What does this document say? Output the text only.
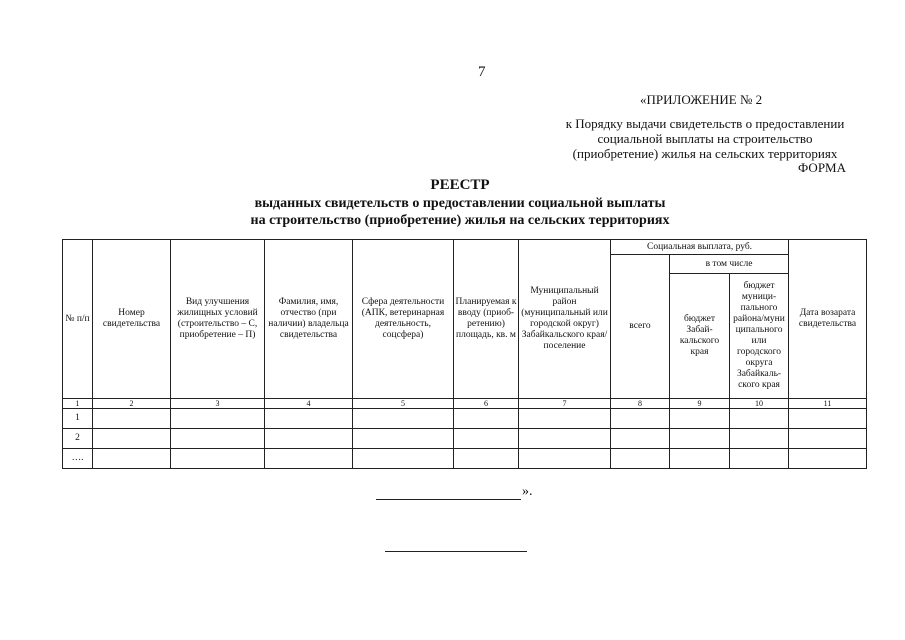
7
«ПРИЛОЖЕНИЕ № 2
к Порядку выдачи свидетельств о предоставлении
социальной выплаты на строительство
(приобретение) жилья на сельских территориях
ФОРМА
РЕЕСТР
выданных свидетельств о предоставлении социальной выплаты
на строительство (приобретение) жилья на сельских территориях
№ п/п	Номер свидетельства	Вид улучшения жилищных условий (строительство – С, приобретение – П)	Фамилия, имя, отчество (при наличии) владельца свидетельства	Сфера деятельности (АПК, ветеринарная деятельность, соцсфера)	Планируемая к вводу (приоб-ретению) площадь, кв. м	Муниципальный район (муниципальный или городской округ) Забайкальского края/поселение	Социальная выплата, руб.			Дата возарата свидетельства
							всего	в том числе		
								бюджет Забай-кальского края	бюджет муници-пального района/муни ципального или городского округа Забайкаль-ского края	
1	2	3	4	5	6	7	8	9	10	11
1										
2										
….										
».
